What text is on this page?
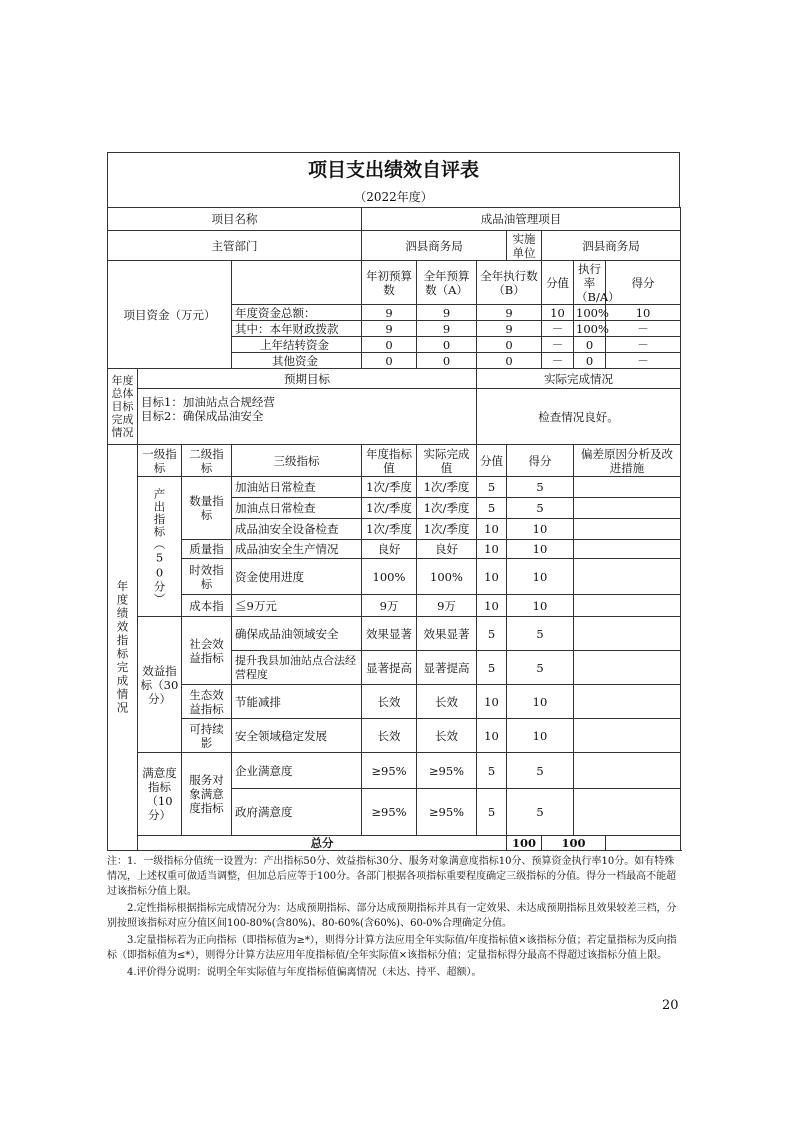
项目支出绩效自评表
（2022年度）
项目名称				成品油管理项目						
主管部门				泗县商务局			实施单位	泗县商务局		
项目资金（万元）				年初预算数	全年预算数（A）	全年执行数（B）		分值	执行率（B/A）	得分
			年度资金总额：	9	9	9		10	100%	10
			其中：本年财政拨款	9	9	9		－	100%	－
			上年结转资金	0	0	0		－	0	－
			其他资金	0	0	0		－	0	－
年度总体目标完成情况	预期目标					实际完成情况				

	目标1：加油站点合规经营
目标2：确保成品油安全					检查情况良好。				

年度绩效指标完成情况	一级指标	二级指标	三级指标	年度指标值	实际完成值	分值	得分		偏差原因分析及改进措施	

	产出指标（50分）	数量指标	加油站日常检查	1次/季度	1次/季度	5	5			
			加油点日常检查	1次/季度	1次/季度	5	5			
			成品油安全设备检查	1次/季度	1次/季度	10	10			
		质量指	成品油安全生产情况	良好	良好	10	10			
		时效指标	资金使用进度	100%	100%	10	10			
		成本指	≦9万元	9万	9万	10	10			
	效益指标（30分）	社会效益指标	确保成品油领域安全	效果显著	效果显著	5	5			
			提升我县加油站点合法经营程度	显著提高	显著提高	5	5			
		生态效益指标	节能减排	长效	长效	10	10			
		可持续影	安全领域稳定发展	长效	长效	10	10			
	满意度指标（10分）	服务对象满意度指标	企业满意度	≥95%	≥95%	5	5			
			政府满意度	≥95%	≥95%	5	5			
	总分						100	100		

注：1．一级指标分值统一设置为：产出指标50分、效益指标30分、服务对象满意度指标10分、预算资金执行率10分。如有特殊情况，上述权重可做适当调整，但加总后应等于100分。各部门根据各项指标重要程度确定三级指标的分值。得分一档最高不能超过该指标分值上限。

2.定性指标根据指标完成情况分为：达成预期指标、部分达成预期指标并具有一定效果、未达成预期指标且效果较差三档，分别按照该指标对应分值区间100-80%(含80%)、80-60%(含60%)、60-0%合理确定分值。

3.定量指标若为正向指标（即指标值为≥*），则得分计算方法应用全年实际值/年度指标值×该指标分值；若定量指标为反向指标（即指标值为≤*），则得分计算方法应用年度指标值/全年实际值×该指标分值；定量指标得分最高不得超过该指标分值上限。

4.评价得分说明：说明全年实际值与年度指标值偏离情况（未达、持平、超额）。

20
